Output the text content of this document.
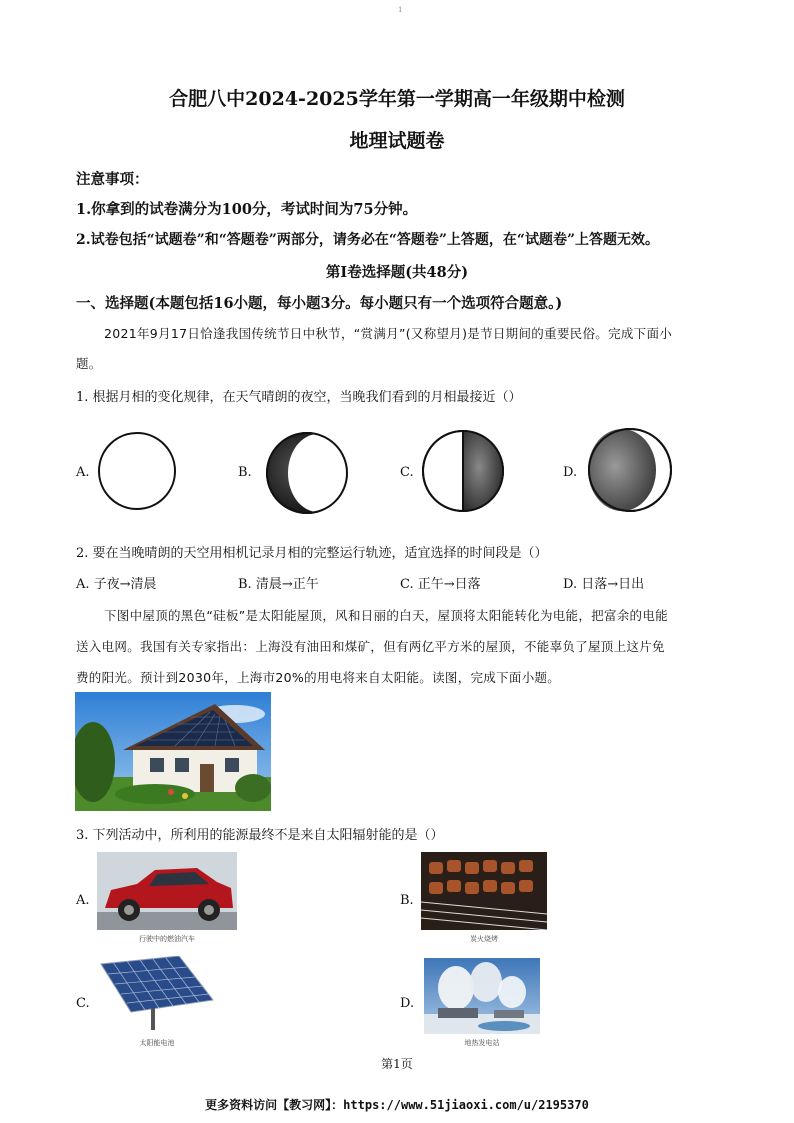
1
合肥八中2024-2025学年第一学期高一年级期中检测
地理试题卷
注意事项：
1.你拿到的试卷满分为100分，考试时间为75分钟。
2.试卷包括“试题卷”和“答题卷”两部分，请务必在“答题卷”上答题，在“试题卷”上答题无效。
第Ⅰ卷选择题(共48分)
一、选择题(本题包括16小题，每小题3分。每小题只有一个选项符合题意。)
2021年9月17日恰逢我国传统节日中秋节，“赏满月”(又称望月)是节日期间的重要民俗。完成下面小
题。
1. 根据月相的变化规律，在天气晴朗的夜空，当晚我们看到的月相最接近（）
A.	B.	C.	D.
2. 要在当晚晴朗的天空用相机记录月相的完整运行轨迹，适宜选择的时间段是（）
A. 子夜→清晨	B. 清晨→正午	C. 正午→日落	D. 日落→日出
下图中屋顶的黑色“硅板”是太阳能屋顶，风和日丽的白天，屋顶将太阳能转化为电能，把富余的电能
送入电网。我国有关专家指出：上海没有油田和煤矿，但有两亿平方米的屋顶，不能辜负了屋顶上这片免
费的阳光。预计到2030年，上海市20%的用电将来自太阳能。读图，完成下面小题。
3. 下列活动中，所利用的能源最终不是来自太阳辐射能的是（）
A.
行驶中的燃油汽车
B.
炭火烧烤
C.
太阳能电池
D.
地热发电站
第1页
更多资料访问【教习网】：https://www.51jiaoxi.com/u/2195370
